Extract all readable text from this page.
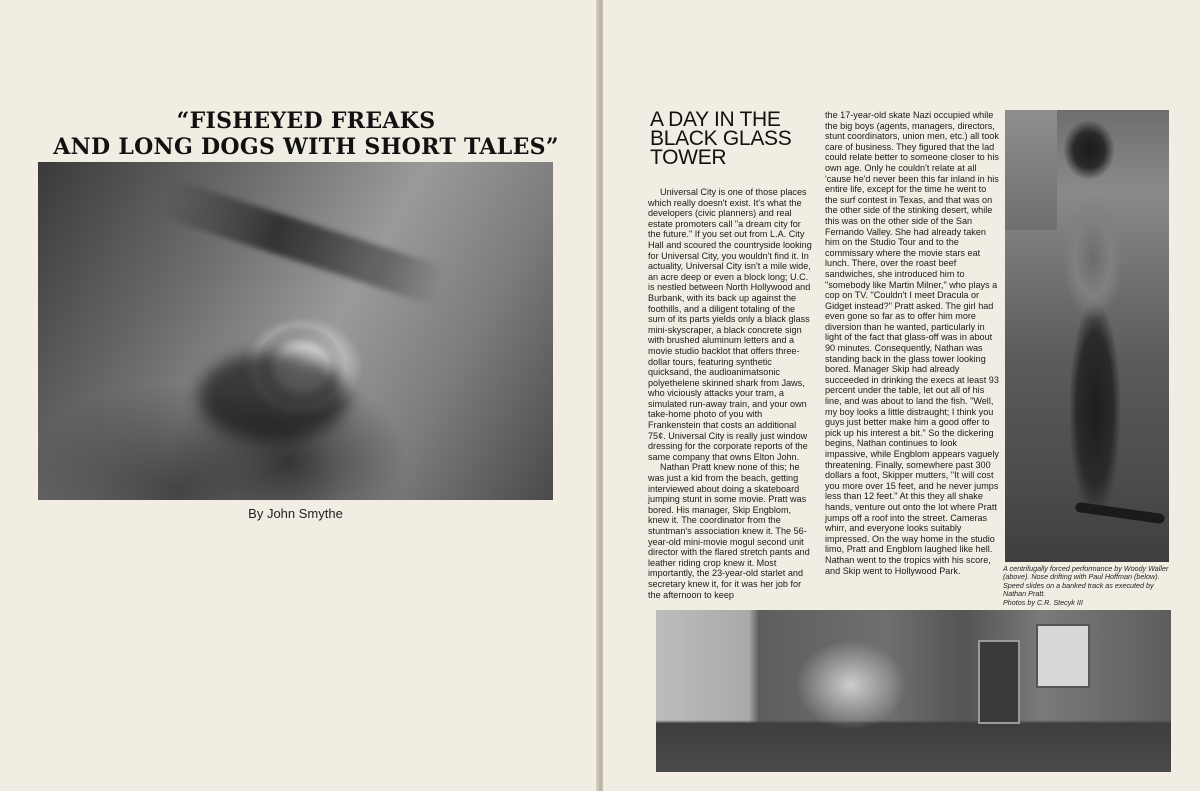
“FISHEYED FREAKS
AND LONG DOGS WITH SHORT TALES”
By John Smythe
A DAY IN THE
BLACK GLASS
TOWER

Universal City is one of those places which really doesn't exist. It's what the developers (civic planners) and real estate promoters call "a dream city for the future." If you set out from L.A. City Hall and scoured the countryside looking for Universal City, you wouldn't find it. In actuality, Universal City isn't a mile wide, an acre deep or even a block long; U.C. is nestled between North Hollywood and Burbank, with its back up against the foothills, and a diligent totaling of the sum of its parts yields only a black glass mini-skyscraper, a black concrete sign with brushed aluminum letters and a movie studio backlot that offers three-dollar tours, featuring synthetic quicksand, the audioanimatsonic polyethelene skinned shark from Jaws, who viciously attacks your tram, a simulated run-away train, and your own take-home photo of you with Frankenstein that costs an additional 75¢. Universal City is really just window dressing for the corporate reports of the same company that owns Elton John.

Nathan Pratt knew none of this; he was just a kid from the beach, getting interviewed about doing a skateboard jumping stunt in some movie. Pratt was bored. His manager, Skip Engblom, knew it. The coordinator from the stuntman's association knew it. The 56-year-old mini-movie mogul second unit director with the flared stretch pants and leather riding crop knew it. Most importantly, the 23-year-old starlet and secretary knew it, for it was her job for the afternoon to keep

the 17-year-old skate Nazi occupied while the big boys (agents, managers, directors, stunt coordinators, union men, etc.) all took care of business. They figured that the lad could relate better to someone closer to his own age. Only he couldn't relate at all 'cause he'd never been this far inland in his entire life, except for the time he went to the surf contest in Texas, and that was on the other side of the stinking desert, while this was on the other side of the San Fernando Valley. She had already taken him on the Studio Tour and to the commissary where the movie stars eat lunch. There, over the roast beef sandwiches, she introduced him to "somebody like Martin Milner," who plays a cop on TV. "Couldn't I meet Dracula or Gidget instead?" Pratt asked. The girl had even gone so far as to offer him more diversion than he wanted, particularly in light of the fact that glass-off was in about 90 minutes. Consequently, Nathan was standing back in the glass tower looking bored. Manager Skip had already succeeded in drinking the execs at least 93 percent under the table, let out all of his line, and was about to land the fish. "Well, my boy looks a little distraught; I think you guys just better make him a good offer to pick up his interest a bit." So the dickering begins, Nathan continues to look impassive, while Engblom appears vaguely threatening. Finally, somewhere past 300 dollars a foot, Skipper mutters, "It will cost you more over 15 feet, and he never jumps less than 12 feet." At this they all shake hands, venture out onto the lot where Pratt jumps off a roof into the street. Cameras whirr, and everyone looks suitably impressed. On the way home in the studio limo, Pratt and Engblom laughed like hell. Nathan went to the tropics with his score, and Skip went to Hollywood Park.	A centrifugally forced performance by Woody Waller (above). Nose drifting with Paul Hoffman (below). Speed slides on a banked track as executed by Nathan Pratt.
Photos by C.R. Stecyk III
